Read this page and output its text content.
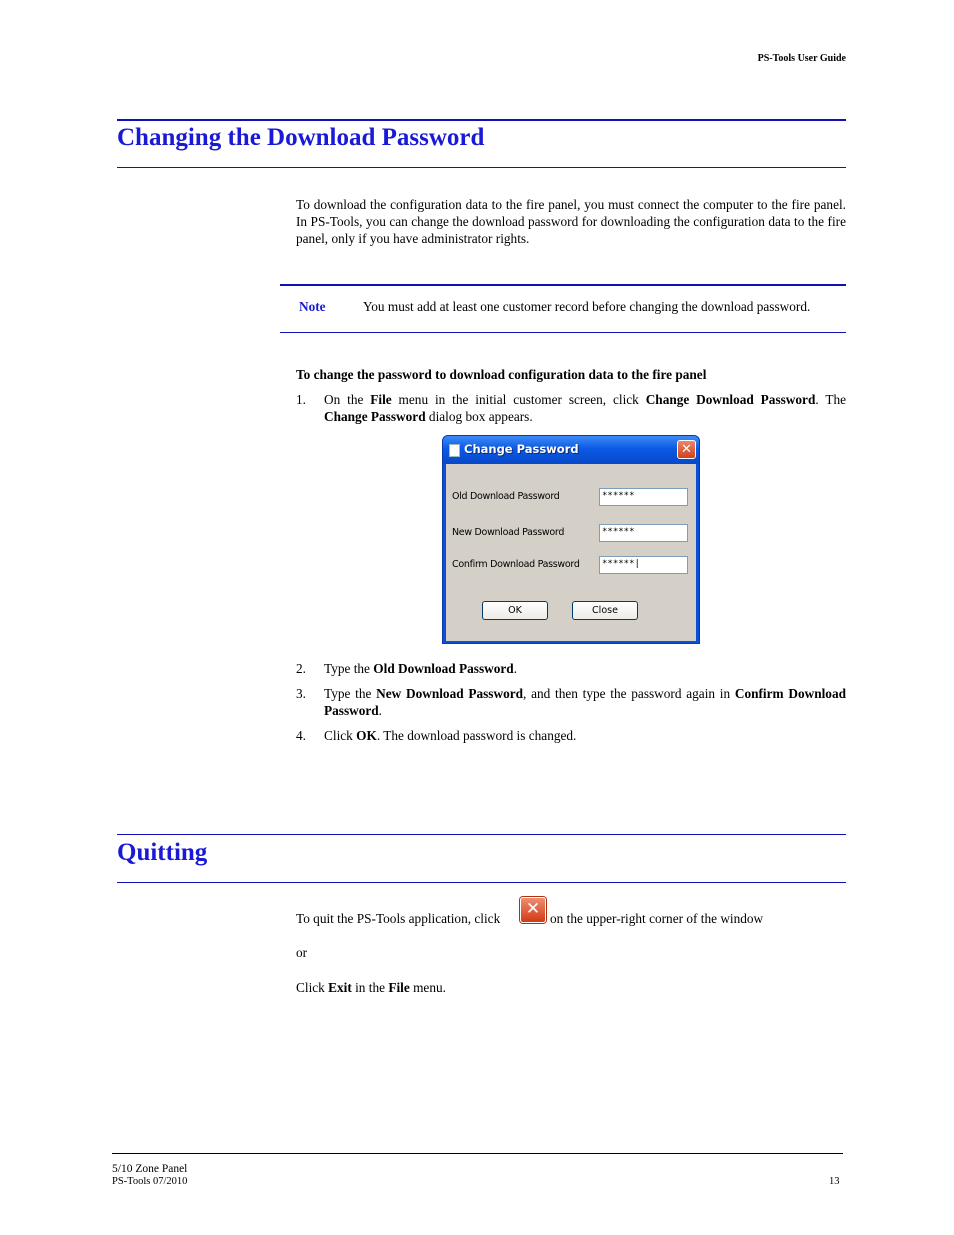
PS-Tools User Guide
Changing the Download Password

To download the configuration data to the fire panel, you must connect the computer to the fire panel. In PS-Tools, you can change the download password for downloading the configuration data to the fire panel, only if you have administrator rights.

Note	You must add at least one customer record before changing the download password.
To change the password to download configuration data to the fire panel
1. On the File menu in the initial customer screen, click Change Download Password. The Change Password dialog box appears.
Change Password	✕
Old Download Password	******
New Download Password	******
Confirm Download Password	******|
OK	Close
2. Type the Old Download Password.
3. Type the New Download Password, and then type the password again in Confirm Download Password.
4. Click OK. The download password is changed.
Quitting
To quit the PS-Tools application, click	✕ on the upper-right corner of the window
or
Click Exit in the File menu.
5/10 Zone Panel
PS-Tools 07/2010	13
